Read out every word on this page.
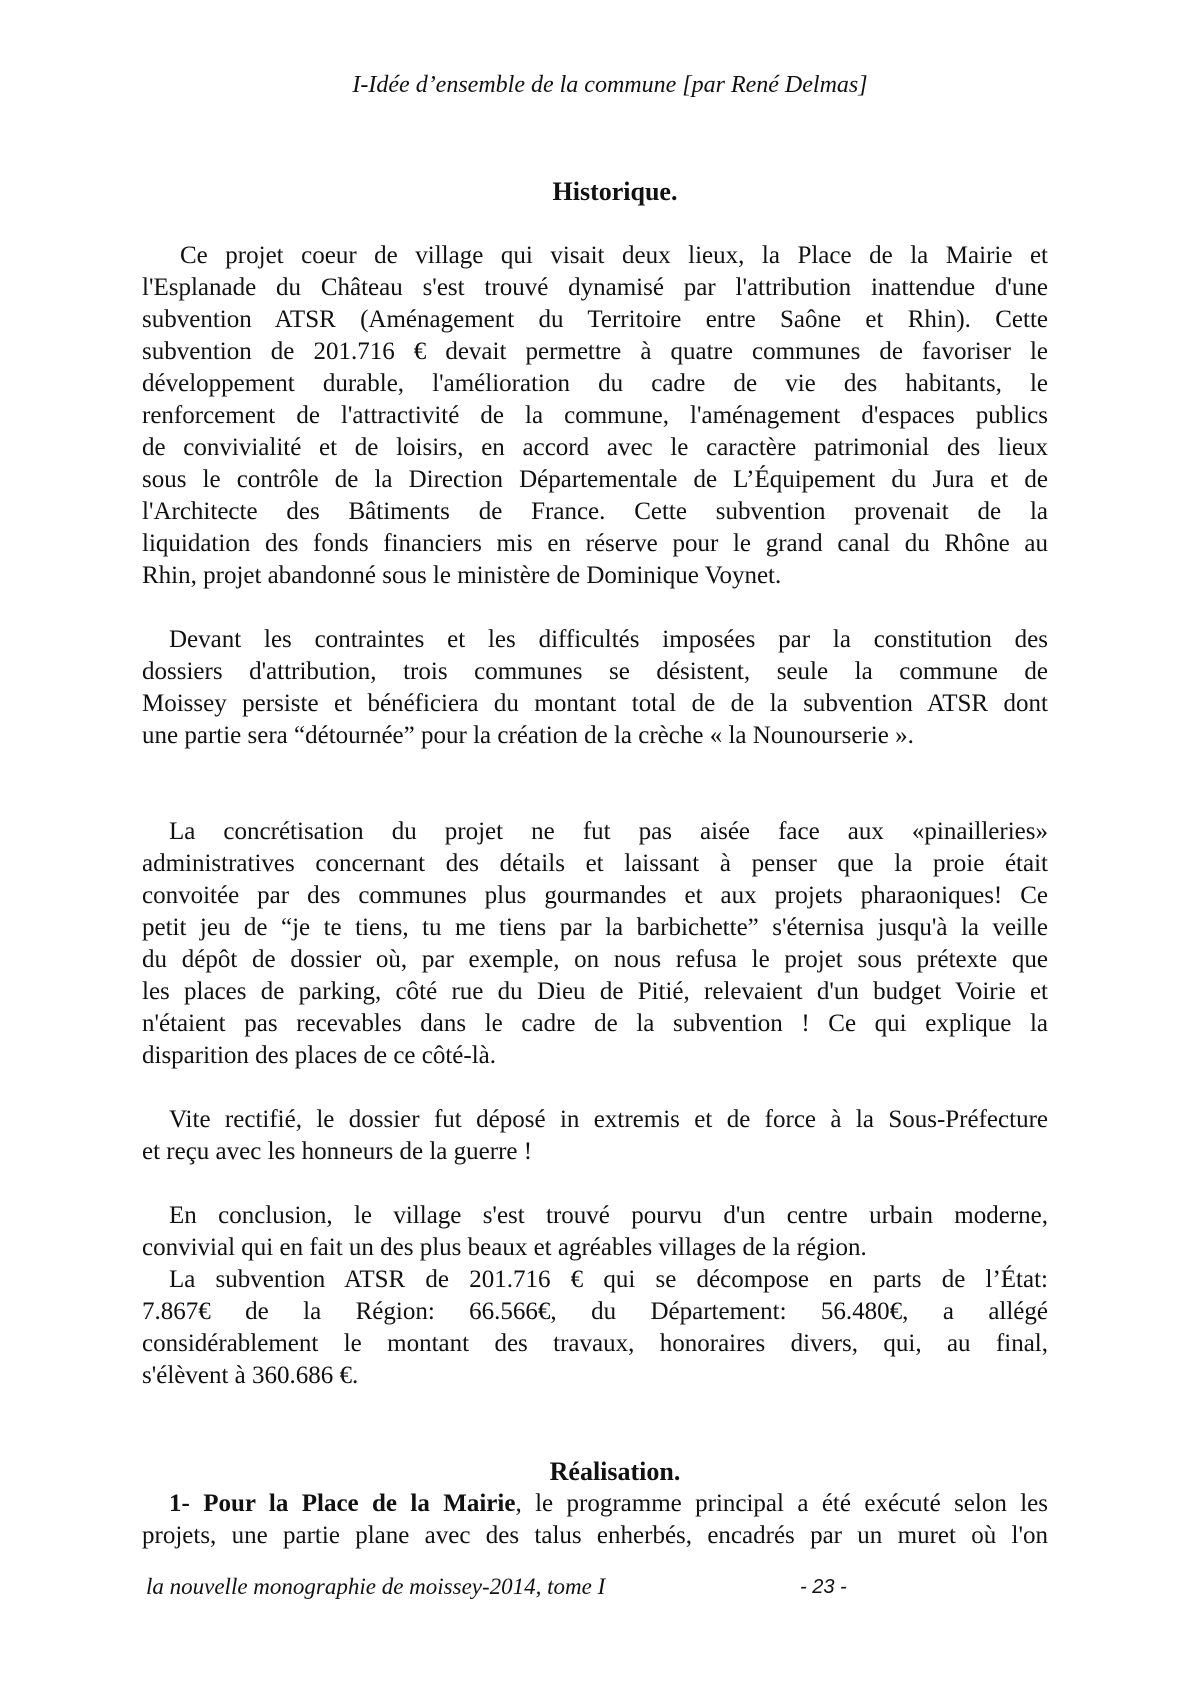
I-Idée d’ensemble de la commune [par René Delmas]
Historique.

Ce projet coeur de village qui visait deux lieux, la Place de la Mairie et
l'Esplanade du Château s'est trouvé dynamisé par l'attribution inattendue d'une
subvention ATSR (Aménagement du Territoire entre Saône et Rhin). Cette
subvention de 201.716 € devait permettre à quatre communes de favoriser le
développement durable, l'amélioration du cadre de vie des habitants, le
renforcement de l'attractivité de la commune, l'aménagement d'espaces publics
de convivialité et de loisirs, en accord avec le caractère patrimonial des lieux
sous le contrôle de la Direction Départementale de L’Équipement du Jura et de
l'Architecte des Bâtiments de France. Cette subvention provenait de la
liquidation des fonds financiers mis en réserve pour le grand canal du Rhône au
Rhin, projet abandonné sous le ministère de Dominique Voynet.

Devant les contraintes et les difficultés imposées par la constitution des
dossiers d'attribution, trois communes se désistent, seule la commune de
Moissey persiste et bénéficiera du montant total de de la subvention ATSR dont
une partie sera “détournée” pour la création de la crèche « la Nounourserie ».

La concrétisation du projet ne fut pas aisée face aux «pinailleries»
administratives concernant des détails et laissant à penser que la proie était
convoitée par des communes plus gourmandes et aux projets pharaoniques! Ce
petit jeu de “je te tiens, tu me tiens par la barbichette” s'éternisa jusqu'à la veille
du dépôt de dossier où, par exemple, on nous refusa le projet sous prétexte que
les places de parking, côté rue du Dieu de Pitié, relevaient d'un budget Voirie et
n'étaient pas recevables dans le cadre de la subvention ! Ce qui explique la
disparition des places de ce côté-là.

Vite rectifié, le dossier fut déposé in extremis et de force à la Sous-Préfecture
et reçu avec les honneurs de la guerre !

En conclusion, le village s'est trouvé pourvu d'un centre urbain moderne,
convivial qui en fait un des plus beaux et agréables villages de la région.

La subvention ATSR de 201.716 € qui se décompose en parts de l’État:
7.867€ de la Région: 66.566€, du Département: 56.480€, a allégé
considérablement le montant des travaux, honoraires divers, qui, au final,
s'élèvent à 360.686 €.

Réalisation.

1- Pour la Place de la Mairie, le programme principal a été exécuté selon les
projets, une partie plane avec des talus enherbés, encadrés par un muret où l'on

la nouvelle monographie de moissey-2014, tome I	- 23 -
